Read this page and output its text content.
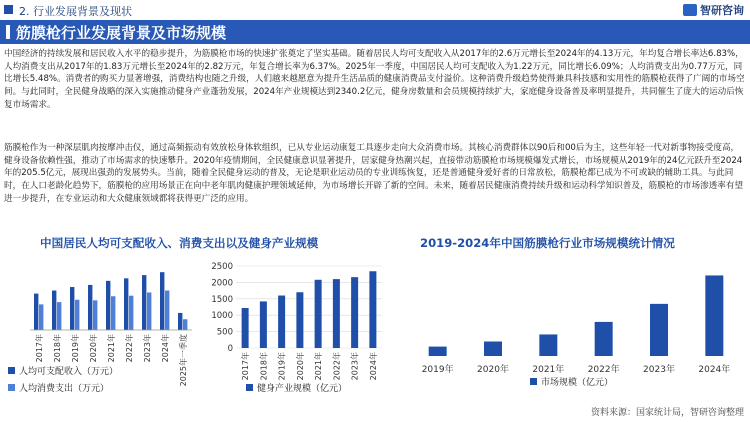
2. 行业发展背景及现状	智研咨询
筋膜枪行业发展背景及市场规模
中国经济的持续发展和居民收入水平的稳步提升，为筋膜枪市场的快速扩张奠定了坚实基础。随着居民人均可支配收入从2017年的2.6万元增长至2024年的4.13万元，年均复合增长率达6.83%，人均消费支出从2017年的1.83万元增长至2024年的2.82万元，年复合增长率为6.37%。2025年一季度，中国居民人均可支配收入为1.22万元，同比增长6.09%；人均消费支出为0.77万元，同比增长5.48%。消费者的购买力显著增强，消费结构也随之升级，人们越来越愿意为提升生活品质的健康消费品支付溢价。这种消费升级趋势使得兼具科技感和实用性的筋膜枪获得了广阔的市场空间。与此同时，全民健身战略的深入实施推动健身产业蓬勃发展，2024年产业规模达到2340.2亿元，健身房数量和会员规模持续扩大，家庭健身设备普及率明显提升，共同催生了庞大的运动后恢复市场需求。
筋膜枪作为一种深层肌肉按摩冲击仪，通过高频振动有效放松身体软组织，已从专业运动康复工具逐步走向大众消费市场。其核心消费群体以90后和00后为主，这些年轻一代对新事物接受度高，健身设备依赖性强，推动了市场需求的快速攀升。2020年疫情期间，全民健康意识显著提升，居家健身热潮兴起，直接带动筋膜枪市场规模爆发式增长，市场规模从2019年的24亿元跃升至2024年的205.5亿元，展现出强劲的发展势头。当前，随着全民健身运动的普及，无论是职业运动员的专业训练恢复，还是普通健身爱好者的日常放松，筋膜枪都已成为不可或缺的辅助工具。与此同时，在人口老龄化趋势下，筋膜枪的应用场景正在向中老年肌肉健康护理领域延伸，为市场增长开辟了新的空间。未来，随着居民健康消费持续升级和运动科学知识普及，筋膜枪的市场渗透率有望进一步提升，在专业运动和大众健康领域都将获得更广泛的应用。
中国居民人均可支配收入、消费支出以及健身产业规模	2019-2024年中国筋膜枪行业市场规模统计情况
2017年 2018年 2019年 2020年 2021年 2022年 2023年 2024年 2025年一季度
人均可支配收入（万元）
人均消费支出（万元）
0
500
1000
1500
2000
2500
2017年 2018年 2019年 2020年 2021年 2022年 2023年 2024年
健身产业规模（亿元）
2019年	2020年	2021年	2022年	2023年	2024年
市场规模（亿元）
资料来源：国家统计局，智研咨询整理
